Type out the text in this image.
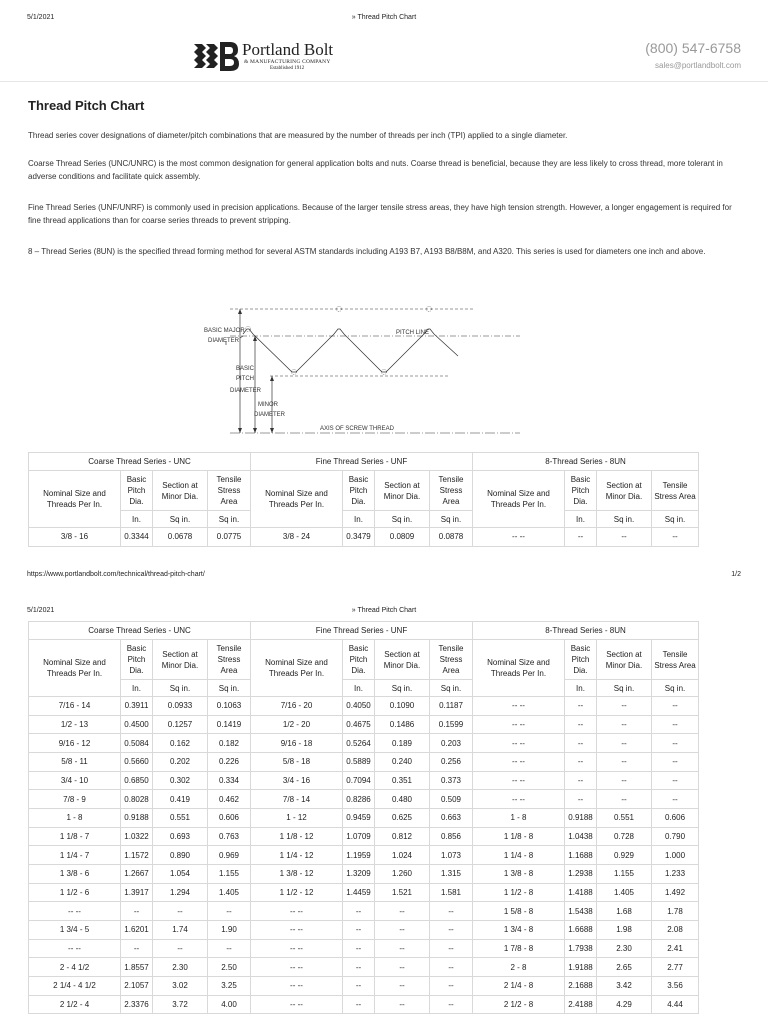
5/1/2021	» Thread Pitch Chart
Portland Bolt
& MANUFACTURING COMPANY
Established 1912
(800) 547-6758
sales@portlandbolt.com
Thread Pitch Chart

Thread series cover designations of diameter/pitch combinations that are measured by the number of threads per inch (TPI) applied to a single diameter.

Coarse Thread Series (UNC/UNRC) is the most common designation for general application bolts and nuts. Coarse thread is beneficial, because they are less likely to cross thread, more tolerant in adverse conditions and facilitate quick assembly.

Fine Thread Series (UNF/UNRF) is commonly used in precision applications. Because of the larger tensile stress areas, they have high tension strength. However, a longer engagement is required for fine thread applications than for coarse series threads to prevent stripping.

8 – Thread Series (8UN) is the specified thread forming method for several ASTM standards including A193 B7, A193 B8/B8M, and A320. This series is used for diameters one inch and above.

BASIC MAJOR
DIAMETER
PITCH LINE
BASIC
PITCH
DIAMETER
MINOR
DIAMETER
AXIS OF SCREW THREAD
Coarse Thread Series - UNC				Fine Thread Series - UNF				8-Thread Series - 8UN			
Nominal Size and Threads Per In.	Basic Pitch Dia.	Section at Minor Dia.	Tensile Stress Area	Nominal Size and Threads Per In.	Basic Pitch Dia.	Section at Minor Dia.	Tensile Stress Area	Nominal Size and Threads Per In.	Basic Pitch Dia.	Section at Minor Dia.	Tensile Stress Area
	In.	Sq in.	Sq in.		In.	Sq in.	Sq in.		In.	Sq in.	Sq in.
3/8 - 16	0.3344	0.0678	0.0775	3/8 - 24	0.3479	0.0809	0.0878	-- --	--	--	--
https://www.portlandbolt.com/technical/thread-pitch-chart/	1/2
5/1/2021	» Thread Pitch Chart
Coarse Thread Series - UNC				Fine Thread Series - UNF				8-Thread Series - 8UN			
Nominal Size and Threads Per In.	Basic Pitch Dia.	Section at Minor Dia.	Tensile Stress Area	Nominal Size and Threads Per In.	Basic Pitch Dia.	Section at Minor Dia.	Tensile Stress Area	Nominal Size and Threads Per In.	Basic Pitch Dia.	Section at Minor Dia.	Tensile Stress Area
	In.	Sq in.	Sq in.		In.	Sq in.	Sq in.		In.	Sq in.	Sq in.
7/16 - 14	0.3911	0.0933	0.1063	7/16 - 20	0.4050	0.1090	0.1187	-- --	--	--	--
1/2 - 13	0.4500	0.1257	0.1419	1/2 - 20	0.4675	0.1486	0.1599	-- --	--	--	--
9/16 - 12	0.5084	0.162	0.182	9/16 - 18	0.5264	0.189	0.203	-- --	--	--	--
5/8 - 11	0.5660	0.202	0.226	5/8 - 18	0.5889	0.240	0.256	-- --	--	--	--
3/4 - 10	0.6850	0.302	0.334	3/4 - 16	0.7094	0.351	0.373	-- --	--	--	--
7/8 - 9	0.8028	0.419	0.462	7/8 - 14	0.8286	0.480	0.509	-- --	--	--	--
1 - 8	0.9188	0.551	0.606	1 - 12	0.9459	0.625	0.663	1 - 8	0.9188	0.551	0.606
1 1/8 - 7	1.0322	0.693	0.763	1 1/8 - 12	1.0709	0.812	0.856	1 1/8 - 8	1.0438	0.728	0.790
1 1/4 - 7	1.1572	0.890	0.969	1 1/4 - 12	1.1959	1.024	1.073	1 1/4 - 8	1.1688	0.929	1.000
1 3/8 - 6	1.2667	1.054	1.155	1 3/8 - 12	1.3209	1.260	1.315	1 3/8 - 8	1.2938	1.155	1.233
1 1/2 - 6	1.3917	1.294	1.405	1 1/2 - 12	1.4459	1.521	1.581	1 1/2 - 8	1.4188	1.405	1.492
-- --	--	--	--	-- --	--	--	--	1 5/8 - 8	1.5438	1.68	1.78
1 3/4 - 5	1.6201	1.74	1.90	-- --	--	--	--	1 3/4 - 8	1.6688	1.98	2.08
-- --	--	--	--	-- --	--	--	--	1 7/8 - 8	1.7938	2.30	2.41
2 - 4 1/2	1.8557	2.30	2.50	-- --	--	--	--	2 - 8	1.9188	2.65	2.77
2 1/4 - 4 1/2	2.1057	3.02	3.25	-- --	--	--	--	2 1/4 - 8	2.1688	3.42	3.56
2 1/2 - 4	2.3376	3.72	4.00	-- --	--	--	--	2 1/2 - 8	2.4188	4.29	4.44
